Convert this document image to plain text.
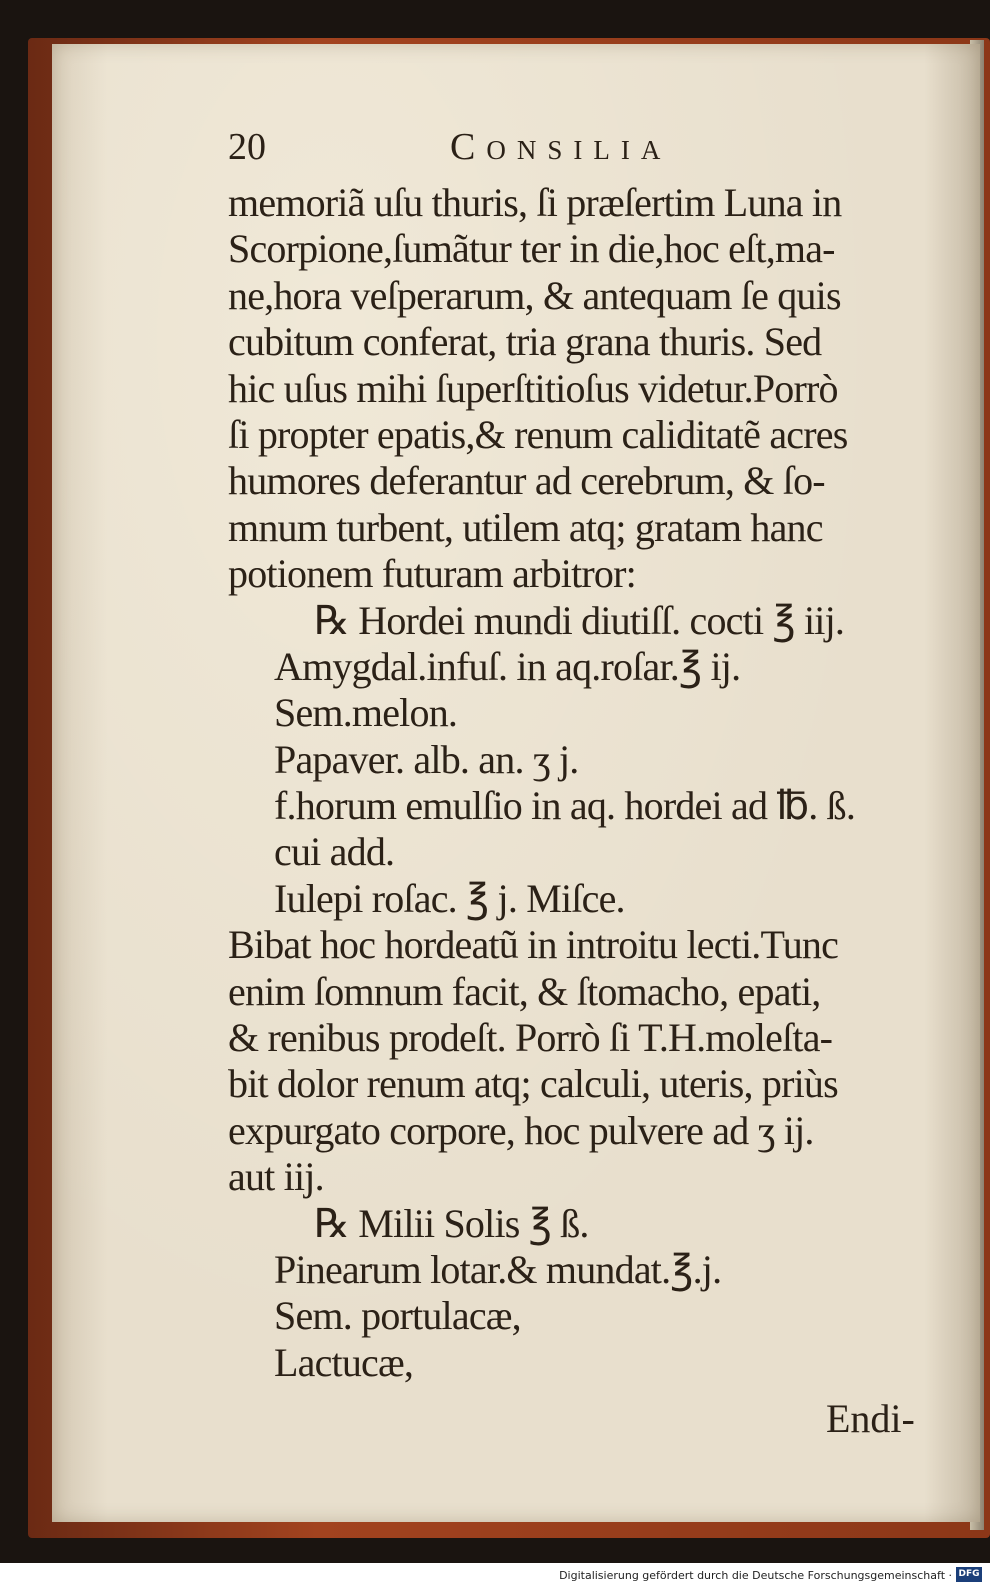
20	Consilia
memoriã uſu thuris, ſi præſertim Luna in
Scorpione,ſumãtur ter in die,hoc eſt,ma-
ne,hora veſperarum, & antequam ſe quis
cubitum conferat, tria grana thuris. Sed
hic uſus mihi ſuperſtitioſus videtur.Porrò
ſi propter epatis,& renum caliditatẽ acres
humores deferantur ad cerebrum, & ſo-
mnum turbent, utilem atq; gratam hanc
potionem futuram arbitror:
℞ Hordei mundi diutiſſ. cocti ℥ iij.
Amygdal.infuſ. in aq.roſar.℥ ij.
Sem.melon.
Papaver. alb. an. ʒ j.
f.horum emulſio in aq. hordei ad ℔. ß.
cui add.
Iulepi roſac. ℥ j. Miſce.
Bibat hoc hordeatũ in introitu lecti.Tunc
enim ſomnum facit, & ſtomacho, epati,
& renibus prodeſt. Porrò ſi T.H.moleſta-
bit dolor renum atq; calculi, uteris, priùs
expurgato corpore, hoc pulvere ad ʒ ij.
aut iij.
℞ Milii Solis ℥ ß.
Pinearum lotar.& mundat.℥.j.
Sem. portulacæ,
Lactucæ,
Endi-
Digitalisierung gefördert durch die Deutsche Forschungsgemeinschaft · DFG
